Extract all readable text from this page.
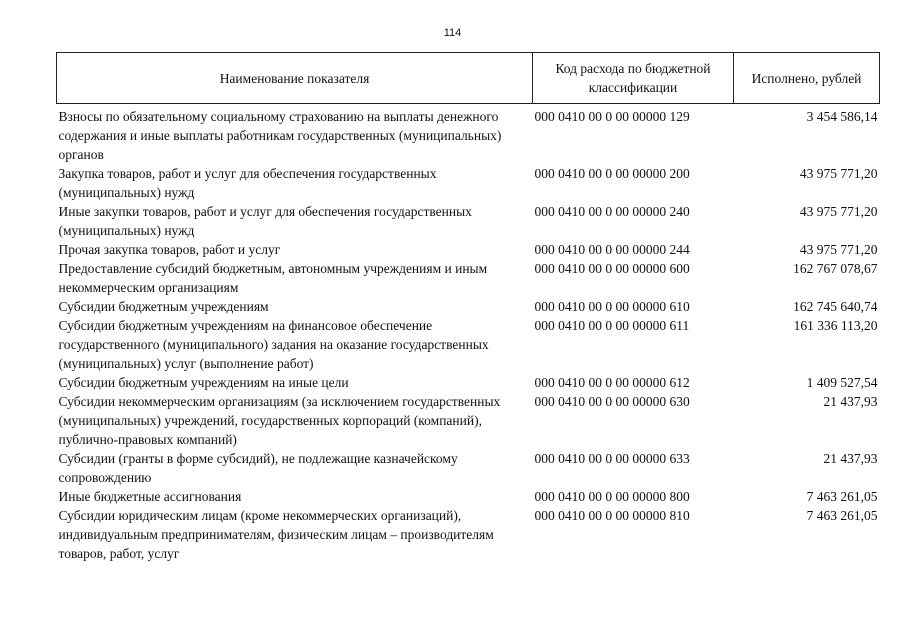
114
Наименование показателя	Код расхода по бюджетной классификации	Исполнено, рублей
Взносы по обязательному социальному страхованию на выплаты денежного содержания и иные выплаты работникам государственных (муниципальных) органов	000 0410 00 0 00 00000 129	3 454 586,14
Закупка товаров, работ и услуг для обеспечения государственных (муниципальных) нужд	000 0410 00 0 00 00000 200	43 975 771,20
Иные закупки товаров, работ и услуг для обеспечения государственных (муниципальных) нужд	000 0410 00 0 00 00000 240	43 975 771,20
Прочая закупка товаров, работ и услуг	000 0410 00 0 00 00000 244	43 975 771,20
Предоставление субсидий бюджетным, автономным учреждениям и иным некоммерческим организациям	000 0410 00 0 00 00000 600	162 767 078,67
Субсидии бюджетным учреждениям	000 0410 00 0 00 00000 610	162 745 640,74
Субсидии бюджетным учреждениям на финансовое обеспечение государственного (муниципального) задания на оказание государственных (муниципальных) услуг (выполнение работ)	000 0410 00 0 00 00000 611	161 336 113,20
Субсидии бюджетным учреждениям на иные цели	000 0410 00 0 00 00000 612	1 409 527,54
Субсидии некоммерческим организациям (за исключением государственных (муниципальных) учреждений, государственных корпораций (компаний), публично-правовых компаний)	000 0410 00 0 00 00000 630	21 437,93
Субсидии (гранты в форме субсидий), не подлежащие казначейскому сопровождению	000 0410 00 0 00 00000 633	21 437,93
Иные бюджетные ассигнования	000 0410 00 0 00 00000 800	7 463 261,05
Субсидии юридическим лицам (кроме некоммерческих организаций), индивидуальным предпринимателям, физическим лицам – производителям товаров, работ, услуг	000 0410 00 0 00 00000 810	7 463 261,05
